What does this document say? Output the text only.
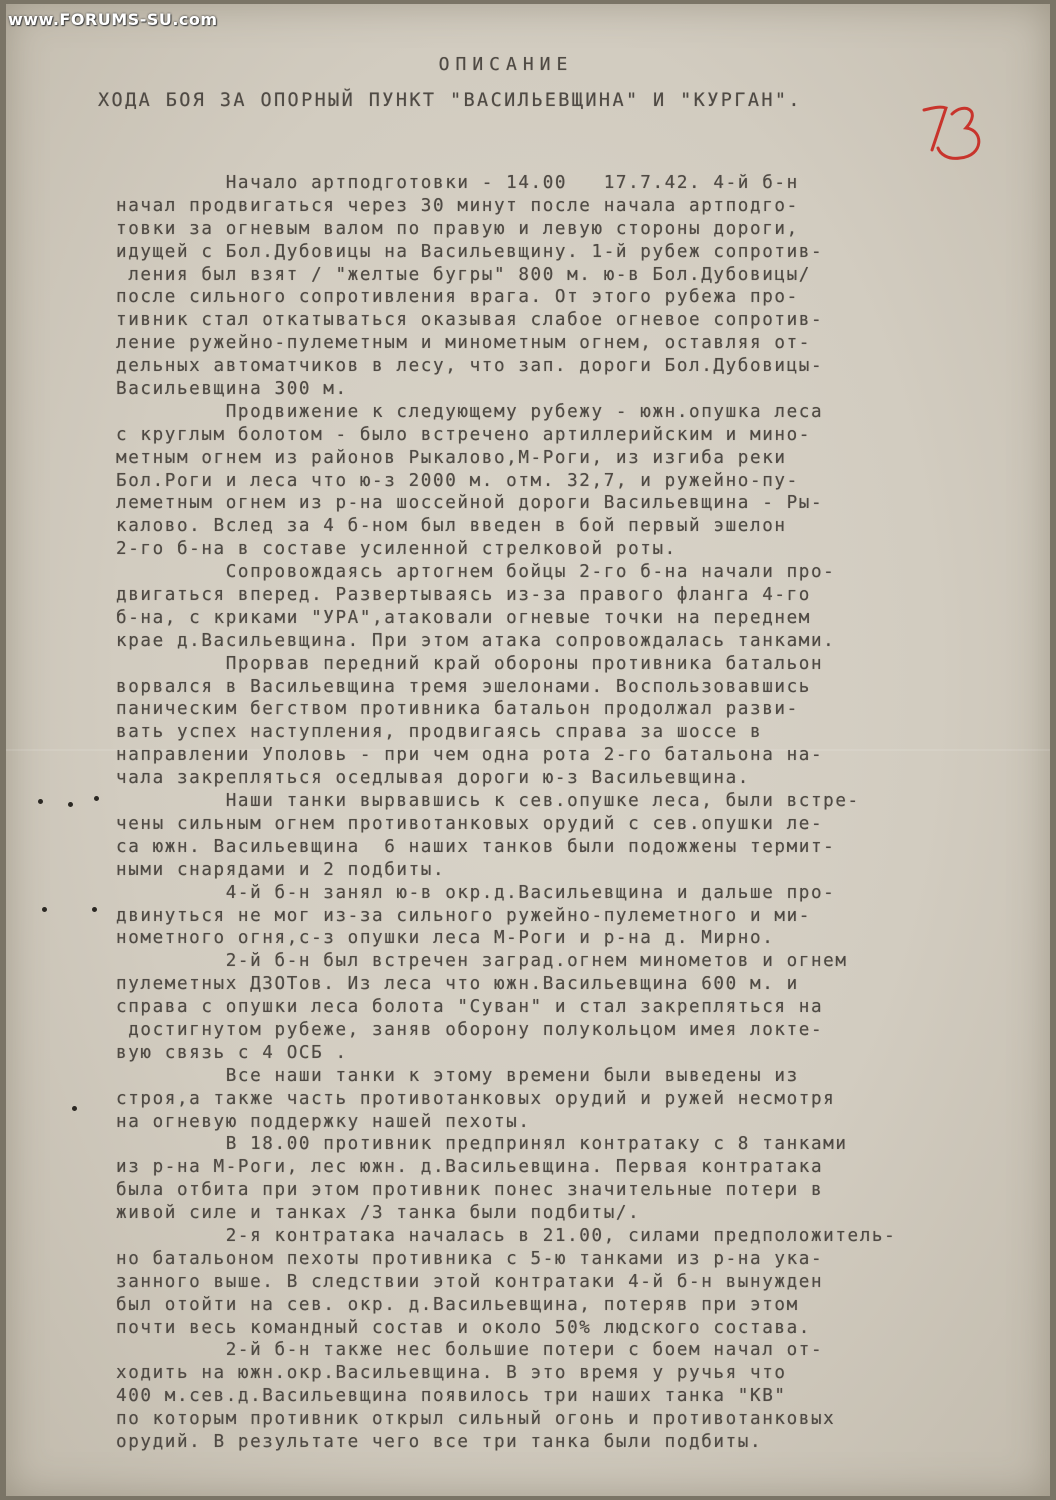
ОПИСАНИЕ
ХОДА БОЯ ЗА ОПОРНЫЙ ПУНКТ "ВАСИЛЬЕВЩИНА" И "КУРГАН".
Начало артподготовки - 14.00   17.7.42. 4-й б-н
начал продвигаться через 30 минут после начала артподго-
товки за огневым валом по правую и левую стороны дороги,
идущей с Бол.Дубовицы на Васильевщину. 1-й рубеж сопротив-
ления был взят / "желтые бугры" 800 м. ю-в Бол.Дубовицы/
после сильного сопротивления врага. От этого рубежа про-
тивник стал откатываться оказывая слабое огневое сопротив-
ление ружейно-пулеметным и минометным огнем, оставляя от-
дельных автоматчиков в лесу, что зап. дороги Бол.Дубовицы-
Васильевщина 300 м.
Продвижение к следующему рубежу - южн.опушка леса
с круглым болотом - было встречено артиллерийским и мино-
метным огнем из районов Рыкалово,М-Роги, из изгиба реки
Бол.Роги и леса что ю-з 2000 м. отм. 32,7, и ружейно-пу-
леметным огнем из р-на шоссейной дороги Васильевщина - Ры-
калово. Вслед за 4 б-ном был введен в бой первый эшелон
2-го б-на в составе усиленной стрелковой роты.
Сопровождаясь артогнем бойцы 2-го б-на начали про-
двигаться вперед. Развертываясь из-за правого фланга 4-го
б-на, с криками "УРА",атаковали огневые точки на переднем
крае д.Васильевщина. При этом атака сопровождалась танками.
Прорвав передний край обороны противника батальон
ворвался в Васильевщина тремя эшелонами. Воспользовавшись
паническим бегством противника батальон продолжал разви-
вать успех наступления, продвигаясь справа за шоссе в
направлении Уполовь - при чем одна рота 2-го батальона на-
чала закрепляться оседлывая дороги ю-з Васильевщина.
Наши танки вырвавшись к сев.опушке леса, были встре-
чены сильным огнем противотанковых орудий с сев.опушки ле-
са южн. Васильевщина  6 наших танков были подожжены термит-
ными снарядами и 2 подбиты.
4-й б-н занял ю-в окр.д.Васильевщина и дальше про-
двинуться не мог из-за сильного ружейно-пулеметного и ми-
нометного огня,с-з опушки леса М-Роги и р-на д. Мирно.
2-й б-н был встречен заград.огнем минометов и огнем
пулеметных ДЗОТов. Из леса что южн.Васильевщина 600 м. и
справа с опушки леса болота "Суван" и стал закрепляться на
достигнутом рубеже, заняв оборону полукольцом имея локте-
вую связь с 4 ОСБ .
Все наши танки к этому времени были выведены из
строя,а также часть противотанковых орудий и ружей несмотря
на огневую поддержку нашей пехоты.
В 18.00 противник предпринял контратаку с 8 танками
из р-на М-Роги, лес южн. д.Васильевщина. Первая контратака
была отбита при этом противник понес значительные потери в
живой силе и танках /3 танка были подбиты/.
2-я контратака началась в 21.00, силами предположитель-
но батальоном пехоты противника с 5-ю танками из р-на ука-
занного выше. В следствии этой контратаки 4-й б-н вынужден
был отойти на сев. окр. д.Васильевщина, потеряв при этом
почти весь командный состав и около 50% людского состава.
2-й б-н также нес большие потери с боем начал от-
ходить на южн.окр.Васильевщина. В это время у ручья что
400 м.сев.д.Васильевщина появилось три наших танка "КВ"
по которым противник открыл сильный огонь и противотанковых
орудий. В результате чего все три танка были подбиты.
www.FORUMS-SU.com
